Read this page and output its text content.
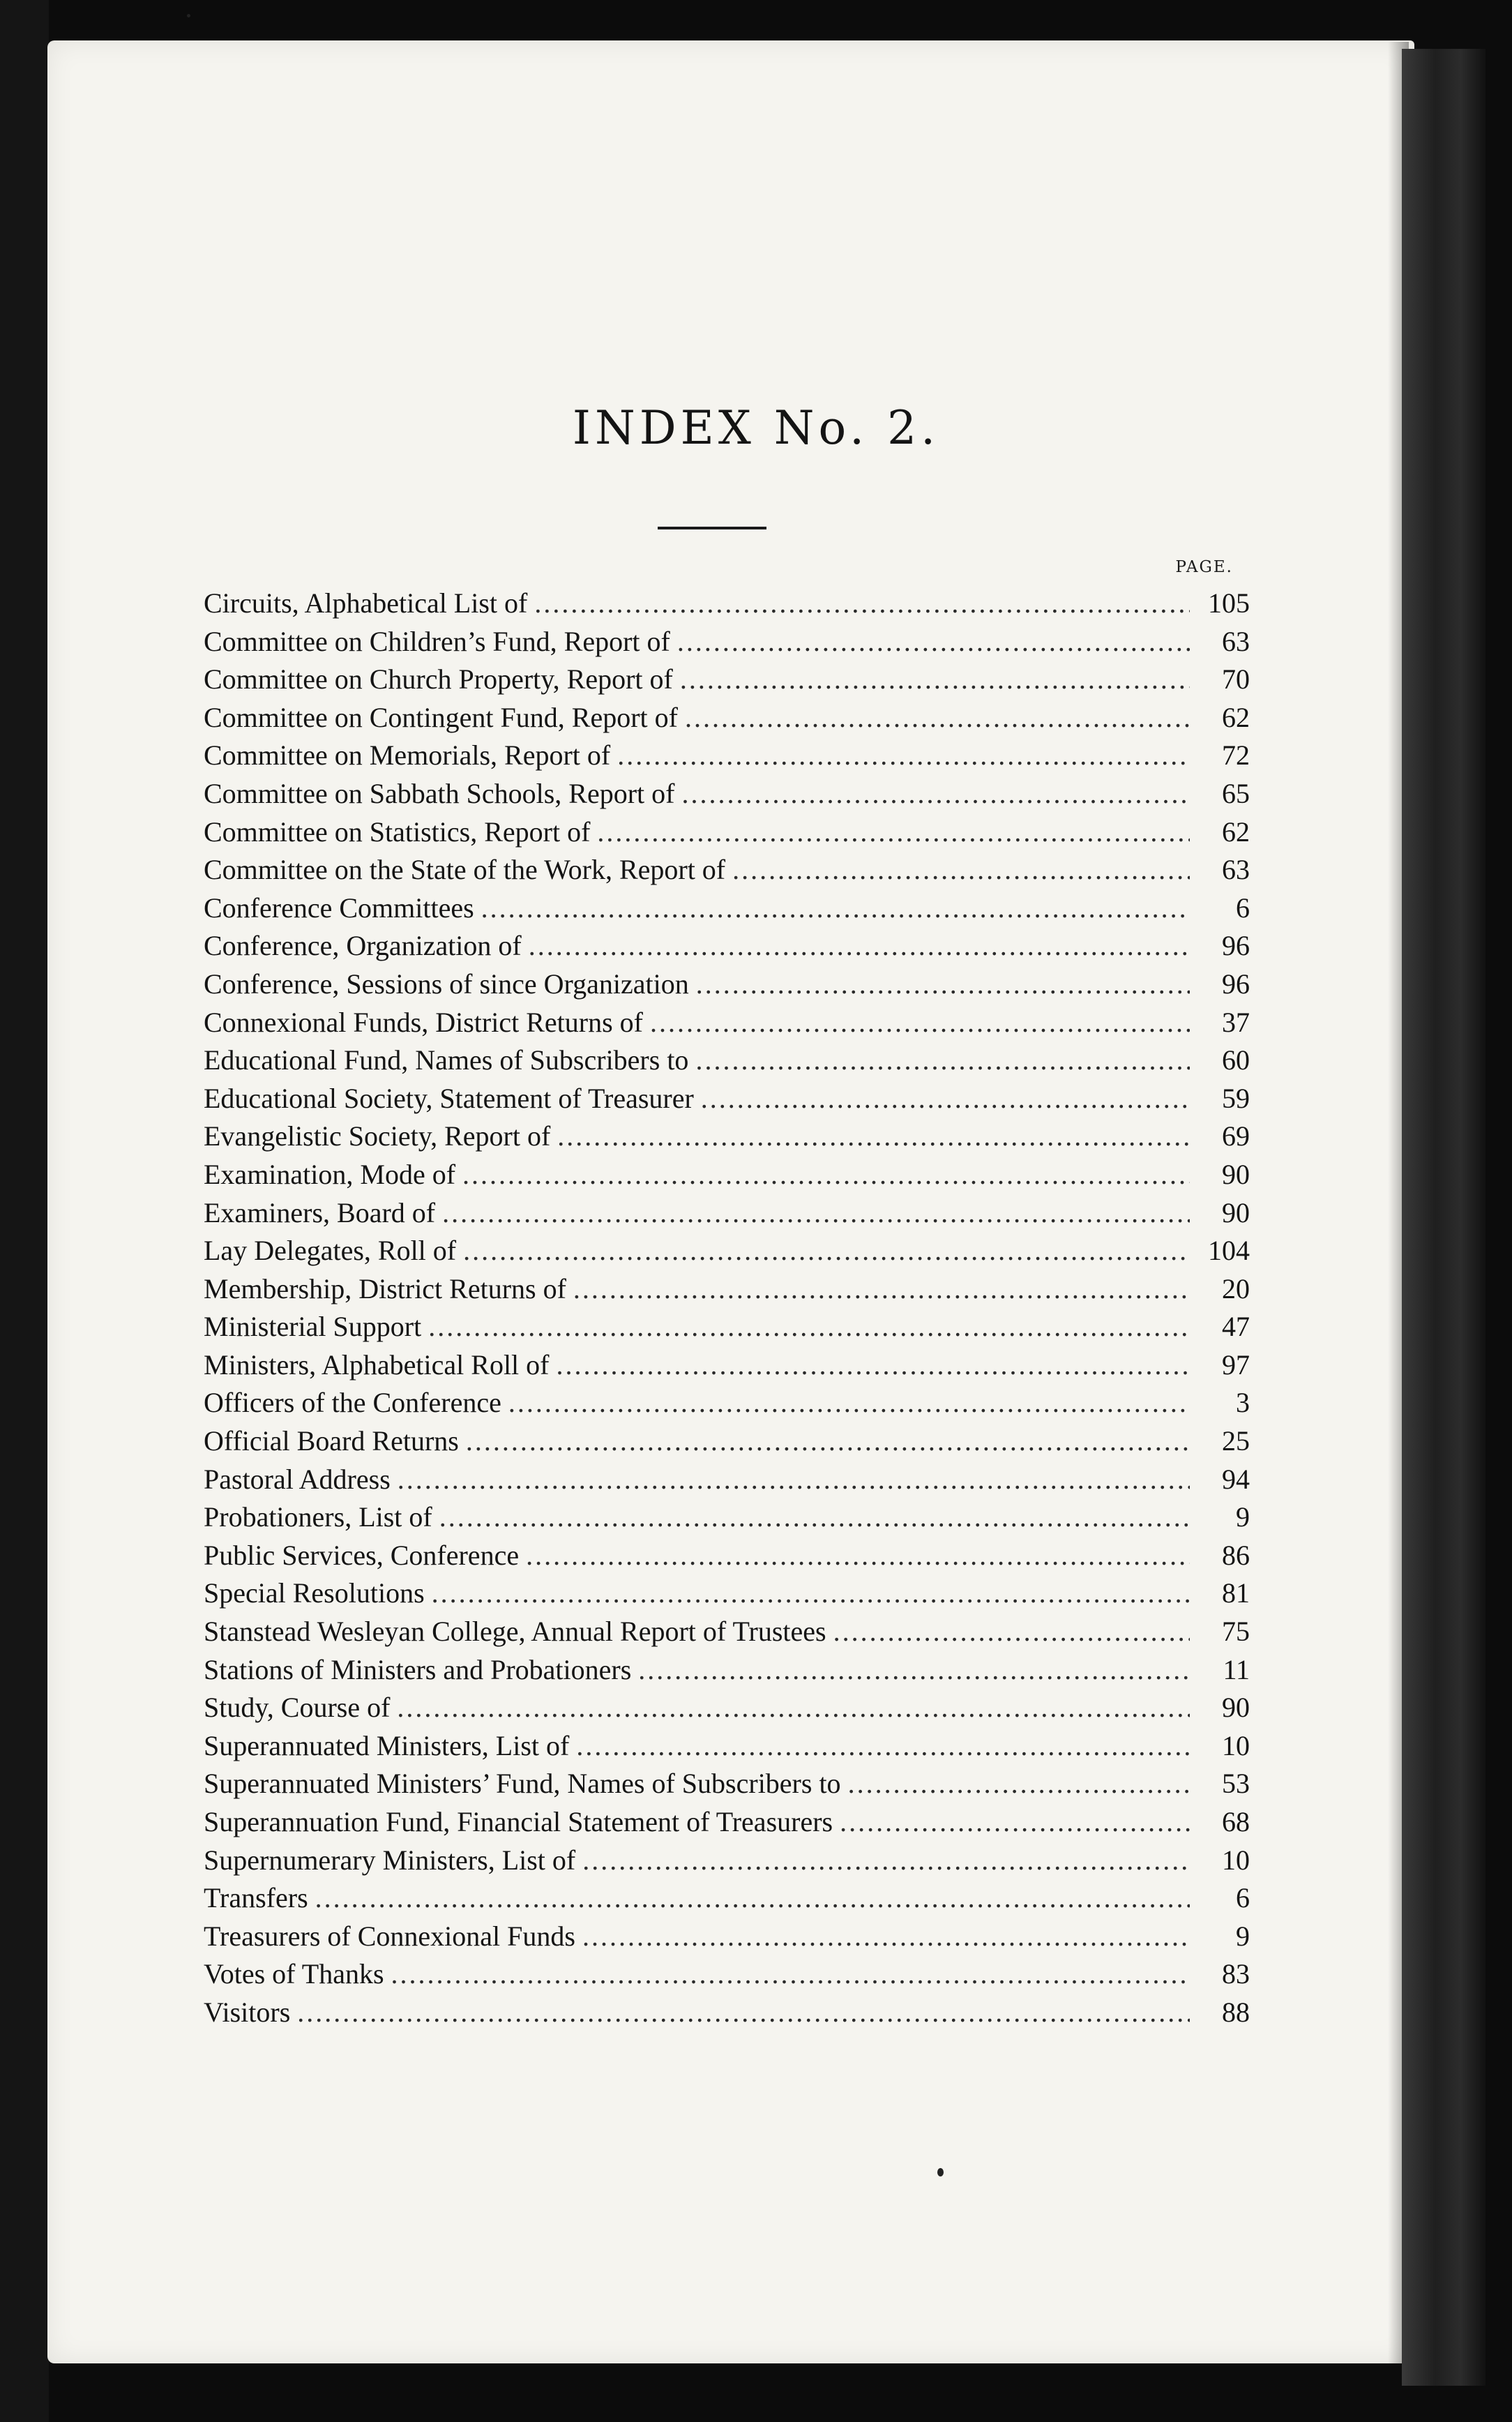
INDEX No. 2.
PAGE.
Circuits, Alphabetical List of .....	105
Committee on Children’s Fund, Report of .....	63
Committee on Church Property, Report of .....	70
Committee on Contingent Fund, Report of .....	62
Committee on Memorials, Report of .....	72
Committee on Sabbath Schools, Report of .....	65
Committee on Statistics, Report of .....	62
Committee on the State of the Work, Report of .....	63
Conference Committees .....	6
Conference, Organization of .....	96
Conference, Sessions of since Organization .....	96
Connexional Funds, District Returns of .....	37
Educational Fund, Names of Subscribers to .....	60
Educational Society, Statement of Treasurer .....	59
Evangelistic Society, Report of .....	69
Examination, Mode of .....	90
Examiners, Board of .....	90
Lay Delegates, Roll of .....	104
Membership, District Returns of .....	20
Ministerial Support .....	47
Ministers, Alphabetical Roll of .....	97
Officers of the Conference .....	3
Official Board Returns .....	25
Pastoral Address .....	94
Probationers, List of .....	9
Public Services, Conference .....	86
Special Resolutions .....	81
Stanstead Wesleyan College, Annual Report of Trustees .....	75
Stations of Ministers and Probationers .....	11
Study, Course of .....	90
Superannuated Ministers, List of .....	10
Superannuated Ministers’ Fund, Names of Subscribers to .....	53
Superannuation Fund, Financial Statement of Treasurers .....	68
Supernumerary Ministers, List of .....	10
Transfers .....	6
Treasurers of Connexional Funds .....	9
Votes of Thanks .....	83
Visitors .....	88
